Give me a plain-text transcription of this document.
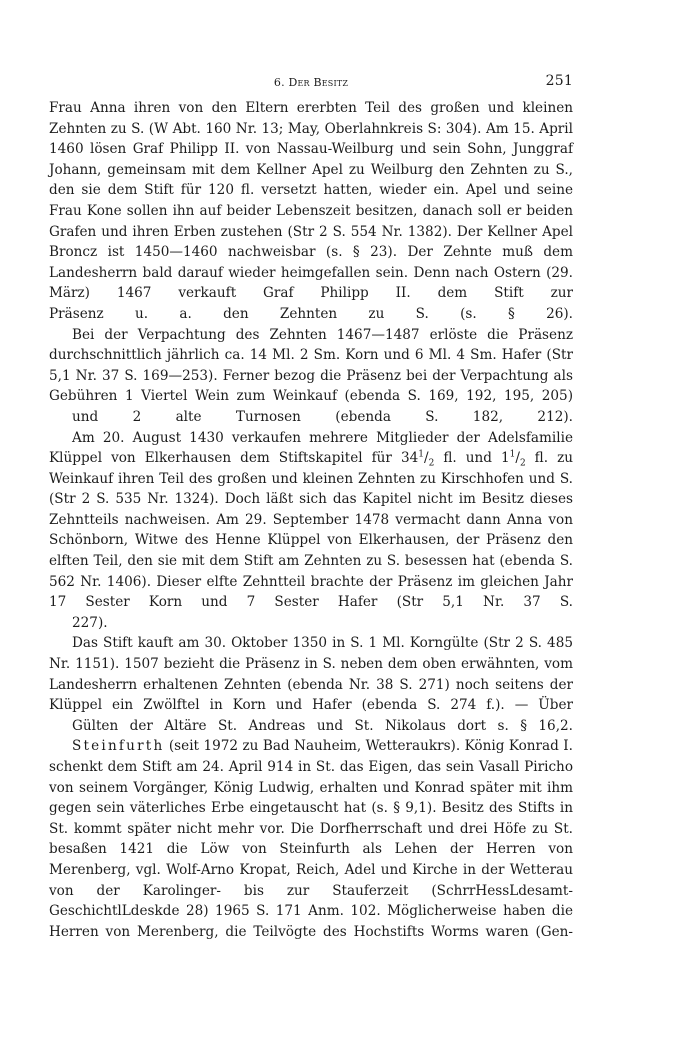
6. Der Besitz	251

Frau Anna ihren von den Eltern ererbten Teil des großen und kleinen Zehnten zu S. (W Abt. 160 Nr. 13; May, Oberlahnkreis S: 304). Am 15. April 1460 lösen Graf Philipp II. von Nassau-Weilburg und sein Sohn, Junggraf Johann, gemeinsam mit dem Kellner Apel zu Weilburg den Zehnten zu S., den sie dem Stift für 120 fl. versetzt hatten, wieder ein. Apel und seine Frau Kone sollen ihn auf beider Lebenszeit besitzen, danach soll er beiden Grafen und ihren Erben zustehen (Str 2 S. 554 Nr. 1382). Der Kellner Apel Broncz ist 1450—1460 nachweisbar (s. § 23). Der Zehnte muß dem Landesherrn bald darauf wieder heimgefallen sein. Denn nach Ostern (29. März) 1467 verkauft Graf Philipp II. dem Stift zur
Präsenz u. a. den Zehnten zu S. (s. § 26).

Bei der Verpachtung des Zehnten 1467—1487 erlöste die Präsenz durchschnittlich jährlich ca. 14 Ml. 2 Sm. Korn und 6 Ml. 4 Sm. Hafer (Str 5,1 Nr. 37 S. 169—253). Ferner bezog die Präsenz bei der Verpachtung als Gebühren 1 Viertel Wein zum Weinkauf (ebenda S. 169, 192, 195, 205)
und 2 alte Turnosen (ebenda S. 182, 212).

Am 20. August 1430 verkaufen mehrere Mitglieder der Adelsfamilie Klüppel von Elkerhausen dem Stiftskapitel für $34^1/_2$ fl. und $1^1/_2$ fl. zu Weinkauf ihren Teil des großen und kleinen Zehnten zu Kirschhofen und S. (Str 2 S. 535 Nr. 1324). Doch läßt sich das Kapitel nicht im Besitz dieses Zehntteils nachweisen. Am 29. September 1478 vermacht dann Anna von Schönborn, Witwe des Henne Klüppel von Elkerhausen, der Präsenz den elften Teil, den sie mit dem Stift am Zehnten zu S. besessen hat (ebenda S. 562 Nr. 1406). Dieser elfte Zehntteil brachte der Präsenz im gleichen Jahr 17 Sester Korn und 7 Sester Hafer (Str 5,1 Nr. 37 S.
227).

Das Stift kauft am 30. Oktober 1350 in S. 1 Ml. Korngülte (Str 2 S. 485 Nr. 1151). 1507 bezieht die Präsenz in S. neben dem oben erwähnten, vom Landesherrn erhaltenen Zehnten (ebenda Nr. 38 S. 271) noch seitens der Klüppel ein Zwölftel in Korn und Hafer (ebenda S. 274 f.). — Über
Gülten der Altäre St. Andreas und St. Nikolaus dort s. § 16,2.

Steinfurth (seit 1972 zu Bad Nauheim, Wetteraukrs). König Konrad I. schenkt dem Stift am 24. April 914 in St. das Eigen, das sein Vasall Piricho von seinem Vorgänger, König Ludwig, erhalten und Konrad später mit ihm gegen sein väterliches Erbe eingetauscht hat (s. § 9,1). Besitz des Stifts in St. kommt später nicht mehr vor. Die Dorfherrschaft und drei Höfe zu St. besaßen 1421 die Löw von Steinfurth als Lehen der Herren von Merenberg, vgl. Wolf-Arno Kropat, Reich, Adel und Kirche in der Wetterau von der Karolinger- bis zur Stauferzeit (SchrrHessLdesamt-GeschichtlLdeskde 28) 1965 S. 171 Anm. 102. Möglicherweise haben die Herren von Merenberg, die Teilvögte des Hochstifts Worms waren (Gen-
